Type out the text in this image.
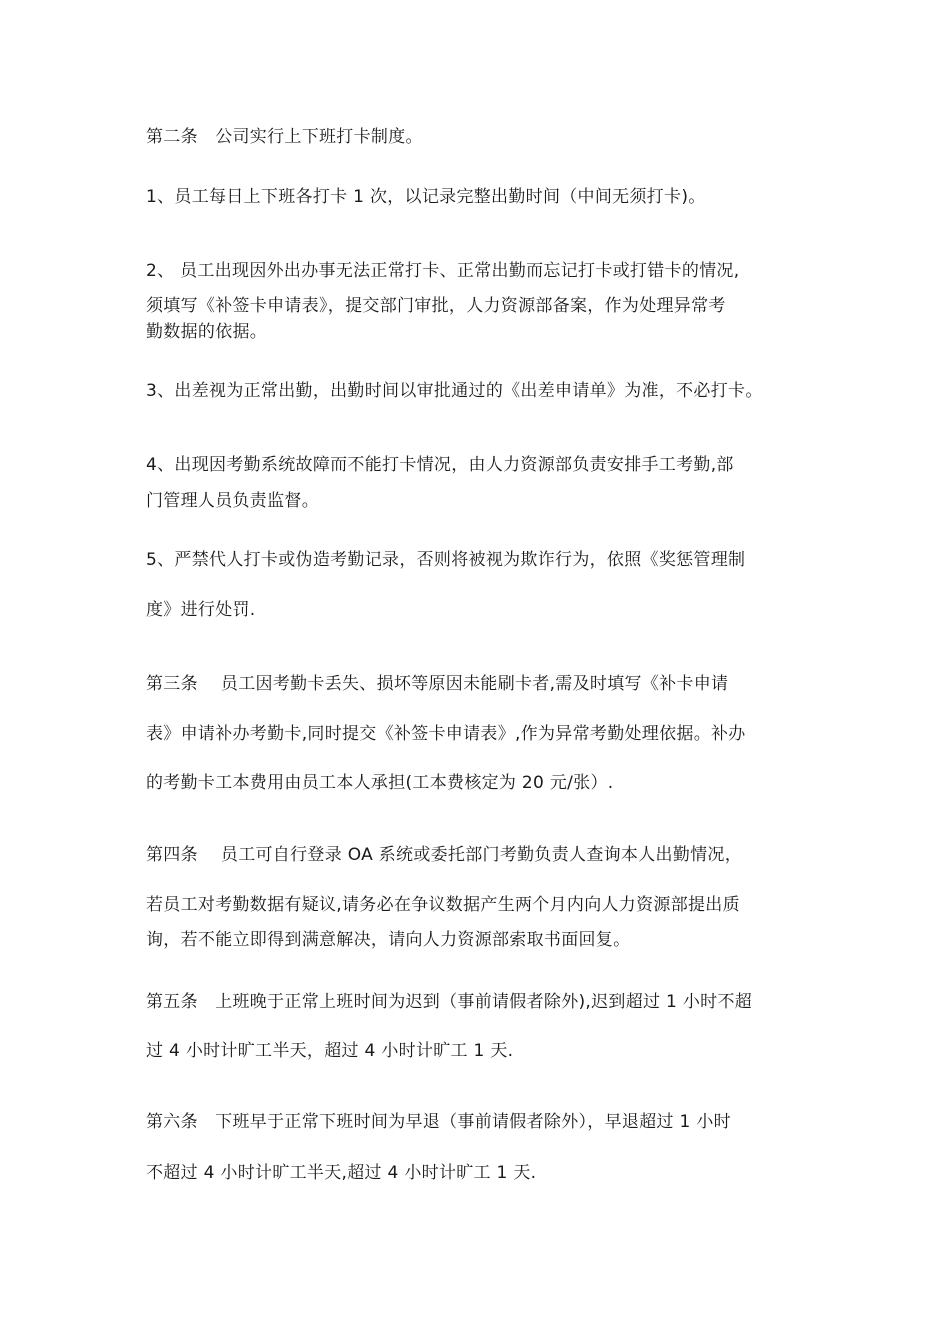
第二条　公司实行上下班打卡制度。
1、员工每日上下班各打卡 1 次，以记录完整出勤时间（中间无须打卡)。
2、 员工出现因外出办事无法正常打卡、正常出勤而忘记打卡或打错卡的情况,
须填写《补签卡申请表》，提交部门审批，人力资源部备案，作为处理异常考
勤数据的依据。
3、出差视为正常出勤，出勤时间以审批通过的《出差申请单》为准，不必打卡。
4、出现因考勤系统故障而不能打卡情况，由人力资源部负责安排手工考勤,部
门管理人员负责监督。
5、严禁代人打卡或伪造考勤记录，否则将被视为欺诈行为，依照《奖惩管理制
度》进行处罚.
第三条　 员工因考勤卡丢失、损坏等原因未能刷卡者,需及时填写《补卡申请
表》申请补办考勤卡,同时提交《补签卡申请表》,作为异常考勤处理依据。补办
的考勤卡工本费用由员工本人承担(工本费核定为 20 元/张）.
第四条　 员工可自行登录 OA 系统或委托部门考勤负责人查询本人出勤情况，
若员工对考勤数据有疑议,请务必在争议数据产生两个月内向人力资源部提出质
询，若不能立即得到满意解决，请向人力资源部索取书面回复。
第五条　上班晚于正常上班时间为迟到（事前请假者除外),迟到超过 1 小时不超
过 4 小时计旷工半天，超过 4 小时计旷工 1 天.
第六条　下班早于正常下班时间为早退（事前请假者除外），早退超过 1 小时
不超过 4 小时计旷工半天,超过 4 小时计旷工 1 天.
